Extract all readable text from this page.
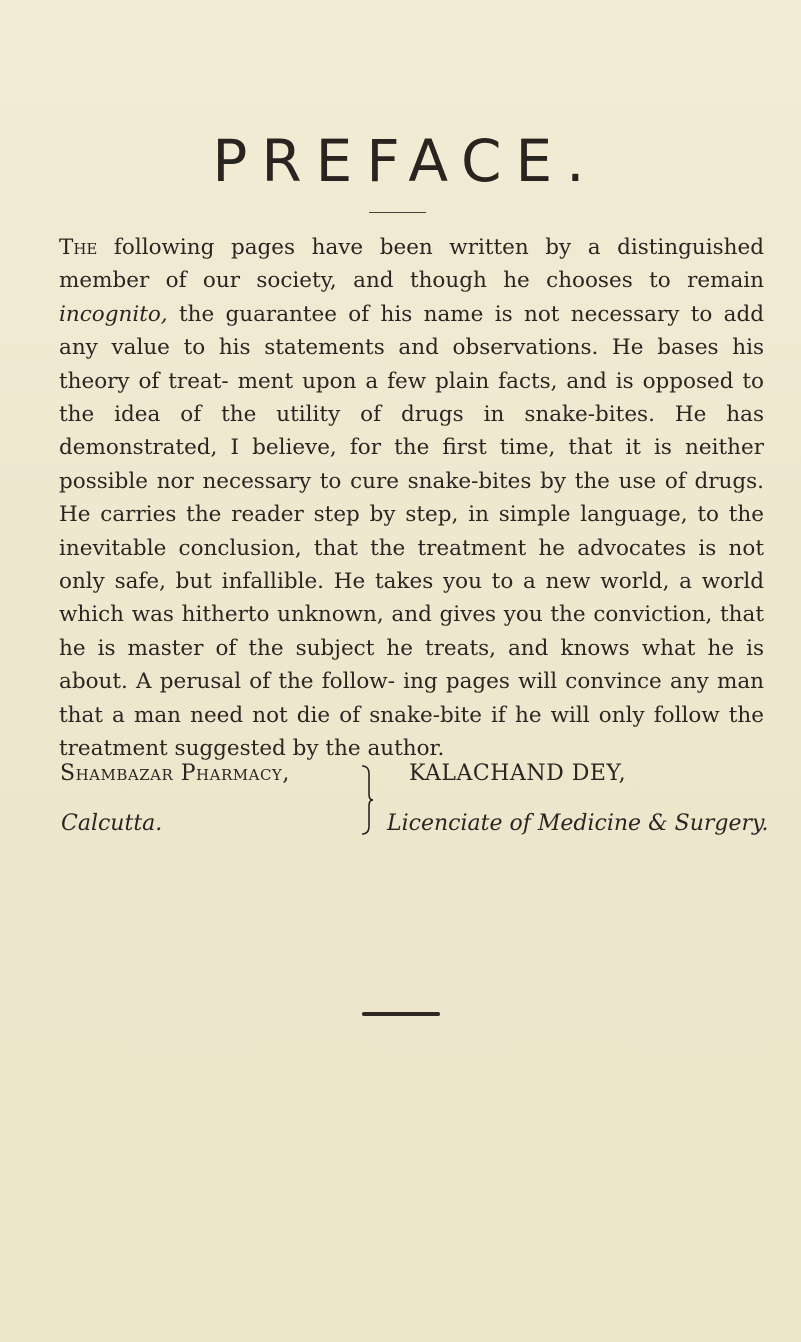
PREFACE.

The following pages have been written by a distinguished member of our society, and though he chooses to remain incognito, the guarantee of his name is not necessary to add any value to his statements and observations. He bases his theory of treat- ment upon a few plain facts, and is opposed to the idea of the utility of drugs in snake-bites. He has demonstrated, I believe, for the first time, that it is neither possible nor necessary to cure snake-bites by the use of drugs. He carries the reader step by step, in simple language, to the inevitable conclusion, that the treatment he advocates is not only safe, but infallible. He takes you to a new world, a world which was hitherto unknown, and gives you the conviction, that he is master of the subject he treats, and knows what he is about. A perusal of the follow- ing pages will convince any man that a man need not die of snake-bite if he will only follow the treatment suggested by the author.

Shambazar Pharmacy,
Calcutta.
KALACHAND DEY,
Licenciate of Medicine & Surgery.
